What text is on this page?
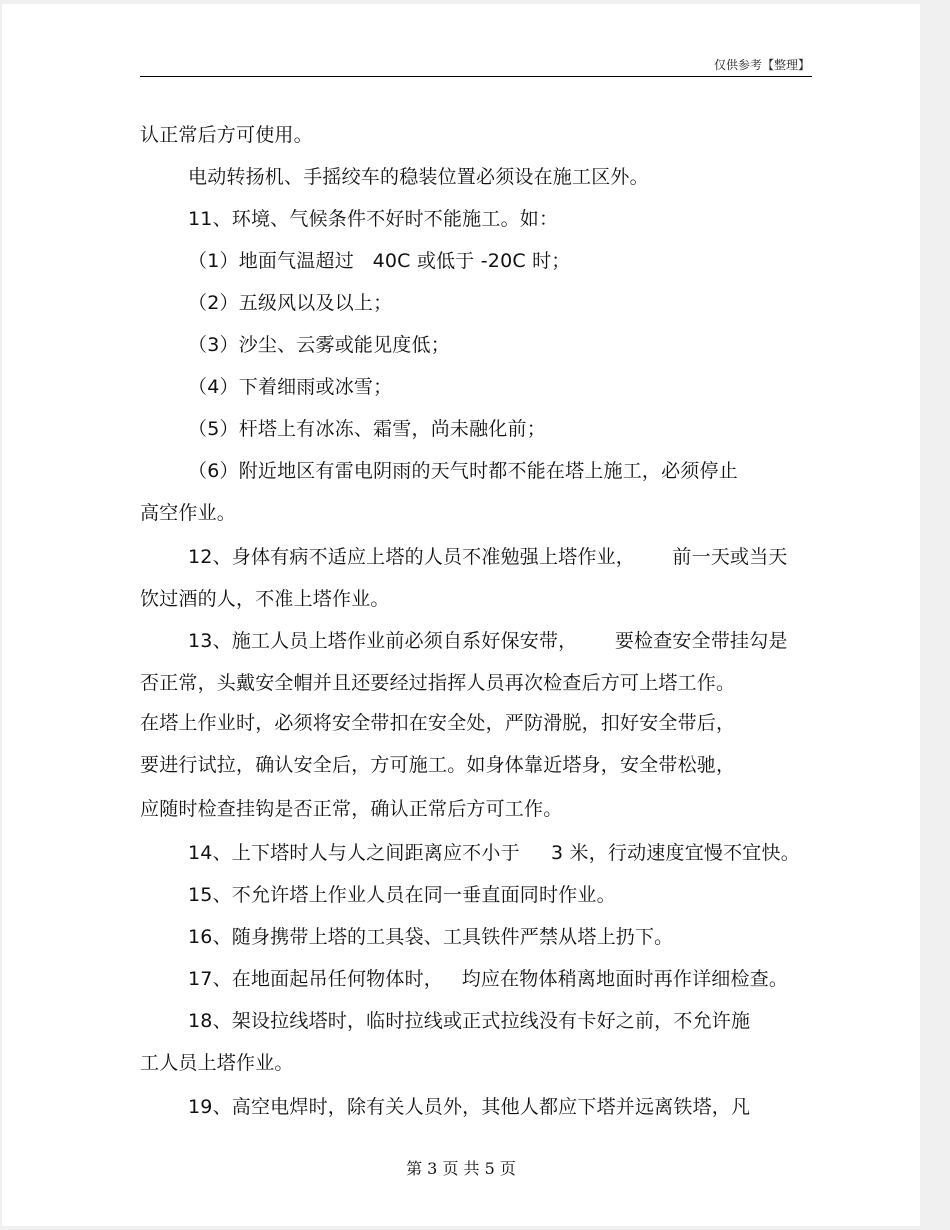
仅供参考【整理】
认正常后方可使用。
电动转扬机、手摇绞车的稳装位置必须设在施工区外。
11、环境、气候条件不好时不能施工。如：
（1）地面气温超过   40C 或低于 -20C 时；
（2）五级风以及以上；
（3）沙尘、云雾或能见度低；
（4）下着细雨或冰雪；
（5）杆塔上有冰冻、霜雪，尚未融化前；
（6）附近地区有雷电阴雨的天气时都不能在塔上施工，必须停止
高空作业。
12、身体有病不适应上塔的人员不准勉强上塔作业，      前一天或当天
饮过酒的人，不准上塔作业。
13、施工人员上塔作业前必须自系好保安带，      要检查安全带挂勾是
否正常，头戴安全帽并且还要经过指挥人员再次检查后方可上塔工作。
在塔上作业时，必须将安全带扣在安全处，严防滑脱，扣好安全带后，
要进行试拉，确认安全后，方可施工。如身体靠近塔身，安全带松驰，
应随时检查挂钩是否正常，确认正常后方可工作。
14、上下塔时人与人之间距离应不小于     3 米，行动速度宜慢不宜快。
15、不允许塔上作业人员在同一垂直面同时作业。
16、随身携带上塔的工具袋、工具铁件严禁从塔上扔下。
17、在地面起吊任何物体时，   均应在物体稍离地面时再作详细检查。
18、架设拉线塔时，临时拉线或正式拉线没有卡好之前，不允许施
工人员上塔作业。
19、高空电焊时，除有关人员外，其他人都应下塔并远离铁塔，凡
第 3 页 共 5 页
